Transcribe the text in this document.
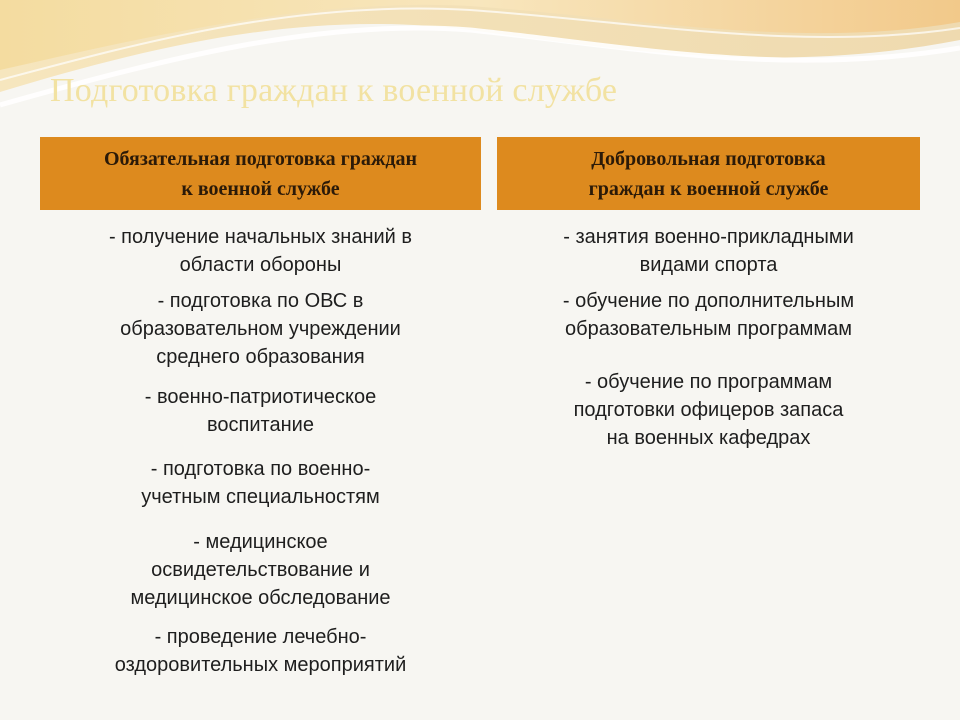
Подготовка граждан к военной службе
Обязательная подготовка граждан
к военной службе
Добровольная подготовка
граждан к военной службе
- получение начальных знаний в
области обороны
- подготовка по ОВС в
образовательном учреждении
среднего образования
- военно-патриотическое
воспитание
- подготовка по военно-
учетным специальностям
- медицинское
освидетельствование и
медицинское обследование
- проведение лечебно-
оздоровительных мероприятий
- занятия военно-прикладными
видами спорта
- обучение по дополнительным
образовательным программам
- обучение по программам
подготовки офицеров запаса
на военных кафедрах
